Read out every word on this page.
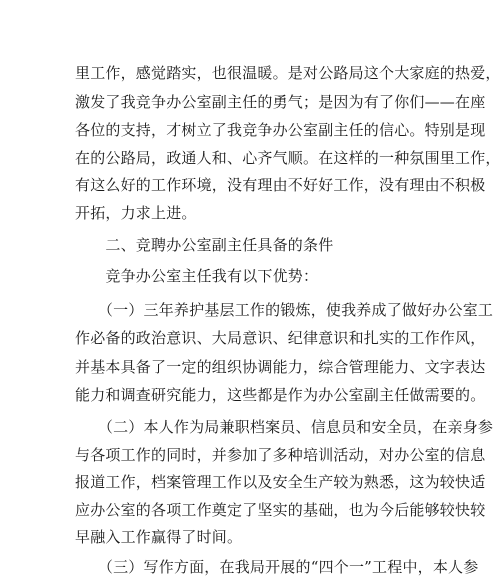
里工作，感觉踏实，也很温暖。是对公路局这个大家庭的热爱，
激发了我竞争办公室副主任的勇气；是因为有了你们——在座
各位的支持，才树立了我竞争办公室副主任的信心。特别是现
在的公路局，政通人和、心齐气顺。在这样的一种氛围里工作，
有这么好的工作环境，没有理由不好好工作，没有理由不积极
开拓，力求上进。
　　二、竞聘办公室副主任具备的条件
　　竞争办公室主任我有以下优势：
　　（一）三年养护基层工作的锻炼，使我养成了做好办公室工
作必备的政治意识、大局意识、纪律意识和扎实的工作作风，
并基本具备了一定的组织协调能力，综合管理能力、文字表达
能力和调查研究能力，这些都是作为办公室副主任做需要的。
　　（二）本人作为局兼职档案员、信息员和安全员，在亲身参
与各项工作的同时，并参加了多种培训活动，对办公室的信息
报道工作，档案管理工作以及安全生产较为熟悉，这为较快适
应办公室的各项工作奠定了坚实的基础，也为今后能够较快较
早融入工作赢得了时间。
　　（三）写作方面，在我局开展的“四个一”工程中，本人参
